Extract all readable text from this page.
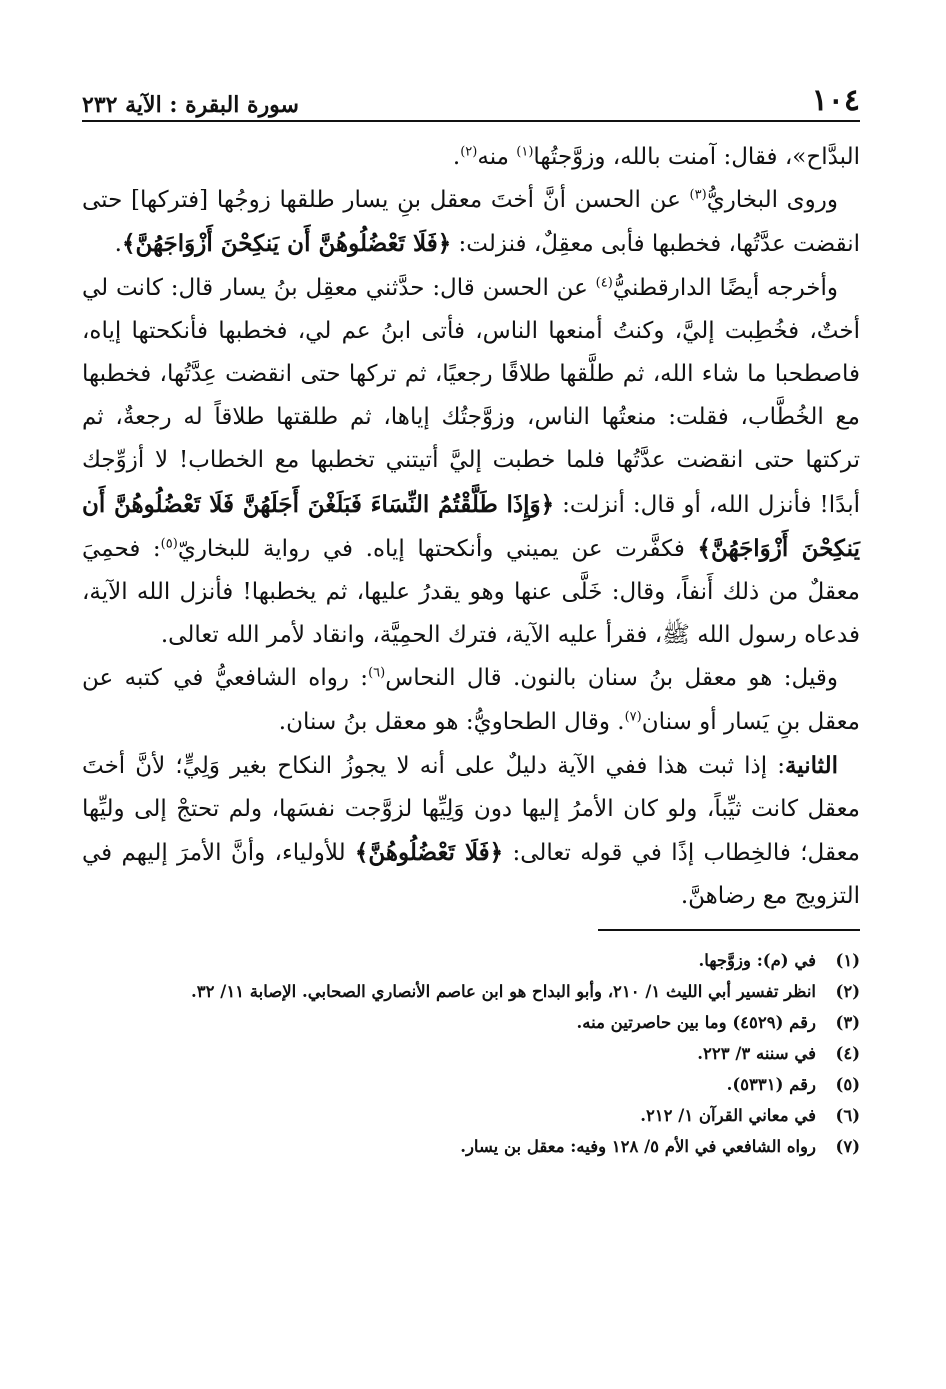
١٠٤
سورة البقرة : الآية ٢٣٢

البدَّاح»، فقال: آمنت بالله، وزوَّجتُها$^{(١)}$ منه$^{(٢)}$.

وروى البخاريُّ$^{(٣)}$ عن الحسن أنَّ أختَ معقل بنِ يسار طلقها زوجُها [فتركها] حتى انقضت عدَّتُها، فخطبها فأبى معقِلٌ، فنزلت: ﴿فَلَا تَعْضُلُوهُنَّ أَن يَنكِحْنَ أَزْوَاجَهُنَّ﴾.

وأخرجه أيضًا الدارقطنيُّ$^{(٤)}$ عن الحسن قال: حدَّثني معقِل بنُ يسار قال: كانت لي أختٌ، فخُطِبت إليَّ، وكنتُ أمنعها الناس، فأتى ابنُ عم لي، فخطبها فأنكحتها إياه، فاصطحبا ما شاء الله، ثم طلَّقها طلاقًا رجعيًا، ثم تركها حتى انقضت عِدَّتُها، فخطبها مع الخُطَّاب، فقلت: منعتُها الناس، وزوَّجتُك إياها، ثم طلقتها طلاقاً له رجعةٌ، ثم تركتها حتى انقضت عدَّتُها فلما خطبت إليَّ أتيتني تخطبها مع الخطاب! لا أزوِّجك أبدًا! فأنزل الله، أو قال: أنزلت: ﴿وَإِذَا طَلَّقْتُمُ النِّسَاءَ فَبَلَغْنَ أَجَلَهُنَّ فَلَا تَعْضُلُوهُنَّ أَن يَنكِحْنَ أَزْوَاجَهُنَّ﴾ فكفَّرت عن يميني وأنكحتها إياه. في رواية للبخاريّ$^{(٥)}$: فحمِيَ معقلٌ من ذلك أَنفاً، وقال: خَلَّى عنها وهو يقدرُ عليها، ثم يخطبها! فأنزل الله الآية، فدعاه رسول الله ﷺ، فقرأ عليه الآية، فترك الحمِيَّة، وانقاد لأمر الله تعالى.

وقيل: هو معقل بنُ سنان بالنون. قال النحاس$^{(٦)}$: رواه الشافعيُّ في كتبه عن معقل بنِ يَسار أو سنان$^{(٧)}$. وقال الطحاويُّ: هو معقل بنُ سنان.

الثانية: إذا ثبت هذا ففي الآية دليلٌ على أنه لا يجوزُ النكاح بغير وَلِيٍّ؛ لأنَّ أختَ معقل كانت ثيِّباً، ولو كان الأمرُ إليها دون وَلِيِّها لزوَّجت نفسَها، ولم تحتجْ إلى وليِّها معقل؛ فالخِطاب إذًا في قوله تعالى: ﴿فَلَا تَعْضُلُوهُنَّ﴾ للأولياء، وأنَّ الأمرَ إليهم في التزويج مع رضاهنَّ.

(١)
في (م): وزوَّجها.
(٢)
انظر تفسير أبي الليث ١/ ٢١٠، وأبو البداح هو ابن عاصم الأنصاري الصحابي. الإصابة ١١/ ٣٢.
(٣)
رقم (٤٥٢٩) وما بين حاصرتين منه.
(٤)
في سننه ٣/ ٢٢٣.
(٥)
رقم (٥٣٣١).
(٦)
في معاني القرآن ١/ ٢١٢.
(٧)
رواه الشافعي في الأم ٥/ ١٢٨ وفيه: معقل بن يسار.
